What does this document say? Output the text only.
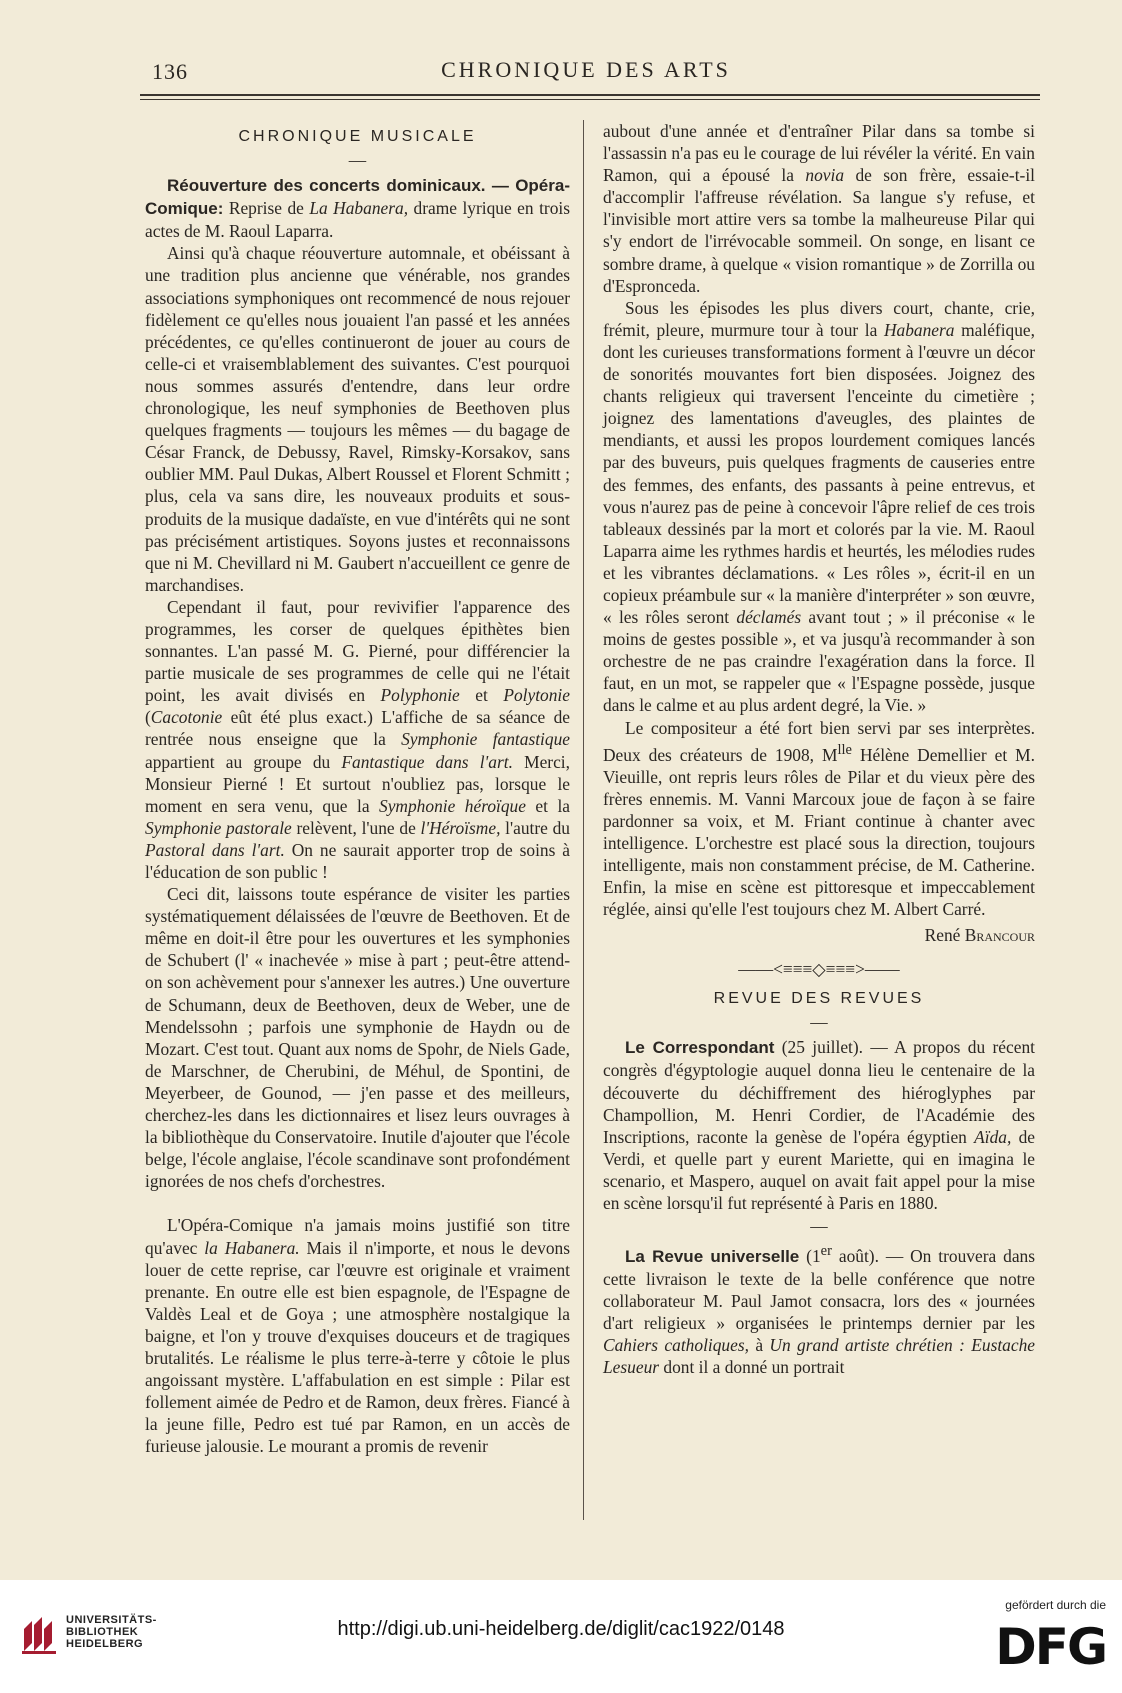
136	CHRONIQUE DES ARTS
CHRONIQUE MUSICALE
—

Réouverture des concerts dominicaux. — Opéra-Comique: Reprise de La Habanera, drame lyrique en trois actes de M. Raoul Laparra.

Ainsi qu'à chaque réouverture automnale, et obéissant à une tradition plus ancienne que vénérable, nos grandes associations symphoniques ont recommencé de nous rejouer fidèlement ce qu'elles nous jouaient l'an passé et les années précédentes, ce qu'elles continueront de jouer au cours de celle-ci et vraisemblablement des suivantes. C'est pourquoi nous sommes assurés d'entendre, dans leur ordre chronologique, les neuf symphonies de Beethoven plus quelques fragments — toujours les mêmes — du bagage de César Franck, de Debussy, Ravel, Rimsky-Korsakov, sans oublier MM. Paul Dukas, Albert Roussel et Florent Schmitt ; plus, cela va sans dire, les nouveaux produits et sous-produits de la musique dadaïste, en vue d'intérêts qui ne sont pas précisément artistiques. Soyons justes et reconnaissons que ni M. Chevillard ni M. Gaubert n'accueillent ce genre de marchandises.

Cependant il faut, pour revivifier l'apparence des programmes, les corser de quelques épithètes bien sonnantes. L'an passé M. G. Pierné, pour différencier la partie musicale de ses programmes de celle qui ne l'était point, les avait divisés en Polyphonie et Polytonie (Cacotonie eût été plus exact.) L'affiche de sa séance de rentrée nous enseigne que la Symphonie fantastique appartient au groupe du Fantastique dans l'art. Merci, Monsieur Pierné ! Et surtout n'oubliez pas, lorsque le moment en sera venu, que la Symphonie héroïque et la Symphonie pastorale relèvent, l'une de l'Héroïsme, l'autre du Pastoral dans l'art. On ne saurait apporter trop de soins à l'éducation de son public !

Ceci dit, laissons toute espérance de visiter les parties systématiquement délaissées de l'œuvre de Beethoven. Et de même en doit-il être pour les ouvertures et les symphonies de Schubert (l' « inachevée » mise à part ; peut-être attend-on son achèvement pour s'annexer les autres.) Une ouverture de Schumann, deux de Beethoven, deux de Weber, une de Mendelssohn ; parfois une symphonie de Haydn ou de Mozart. C'est tout. Quant aux noms de Spohr, de Niels Gade, de Marschner, de Cherubini, de Méhul, de Spontini, de Meyerbeer, de Gounod, — j'en passe et des meilleurs, cherchez-les dans les dictionnaires et lisez leurs ouvrages à la bibliothèque du Conservatoire. Inutile d'ajouter que l'école belge, l'école anglaise, l'école scandinave sont profondément ignorées de nos chefs d'orchestres.

L'Opéra-Comique n'a jamais moins justifié son titre qu'avec la Habanera. Mais il n'importe, et nous le devons louer de cette reprise, car l'œuvre est originale et vraiment prenante. En outre elle est bien espagnole, de l'Espagne de Valdès Leal et de Goya ; une atmosphère nostalgique la baigne, et l'on y trouve d'exquises douceurs et de tragiques brutalités. Le réalisme le plus terre-à-terre y côtoie le plus angoissant mystère. L'affabulation en est simple : Pilar est follement aimée de Pedro et de Ramon, deux frères. Fiancé à la jeune fille, Pedro est tué par Ramon, en un accès de furieuse jalousie. Le mourant a promis de revenir

aubout d'une année et d'entraîner Pilar dans sa tombe si l'assassin n'a pas eu le courage de lui révéler la vérité. En vain Ramon, qui a épousé la novia de son frère, essaie-t-il d'accomplir l'affreuse révélation. Sa langue s'y refuse, et l'invisible mort attire vers sa tombe la malheureuse Pilar qui s'y endort de l'irrévocable sommeil. On songe, en lisant ce sombre drame, à quelque « vision romantique » de Zorrilla ou d'Espronceda.

Sous les épisodes les plus divers court, chante, crie, frémit, pleure, murmure tour à tour la Habanera maléfique, dont les curieuses transformations forment à l'œuvre un décor de sonorités mouvantes fort bien disposées. Joignez des chants religieux qui traversent l'enceinte du cimetière ; joignez des lamentations d'aveugles, des plaintes de mendiants, et aussi les propos lourdement comiques lancés par des buveurs, puis quelques fragments de causeries entre des femmes, des enfants, des passants à peine entrevus, et vous n'aurez pas de peine à concevoir l'âpre relief de ces trois tableaux dessinés par la mort et colorés par la vie. M. Raoul Laparra aime les rythmes hardis et heurtés, les mélodies rudes et les vibrantes déclamations. « Les rôles », écrit-il en un copieux préambule sur « la manière d'interpréter » son œuvre, « les rôles seront déclamés avant tout ; » il préconise « le moins de gestes possible », et va jusqu'à recommander à son orchestre de ne pas craindre l'exagération dans la force. Il faut, en un mot, se rappeler que « l'Espagne possède, jusque dans le calme et au plus ardent degré, la Vie. »

Le compositeur a été fort bien servi par ses interprètes. Deux des créateurs de 1908, $M^{lle}$ Hélène Demellier et M. Vieuille, ont repris leurs rôles de Pilar et du vieux père des frères ennemis. M. Vanni Marcoux joue de façon à se faire pardonner sa voix, et M. Friant continue à chanter avec intelligence. L'orchestre est placé sous la direction, toujours intelligente, mais non constamment précise, de M. Catherine. Enfin, la mise en scène est pittoresque et impeccablement réglée, ainsi qu'elle l'est toujours chez M. Albert Carré.

René Brancour
——<≡≡≡◇≡≡≡>——
REVUE DES REVUES
—

Le Correspondant (25 juillet). — A propos du récent congrès d'égyptologie auquel donna lieu le centenaire de la découverte du déchiffrement des hiéroglyphes par Champollion, M. Henri Cordier, de l'Académie des Inscriptions, raconte la genèse de l'opéra égyptien Aïda, de Verdi, et quelle part y eurent Mariette, qui en imagina le scenario, et Maspero, auquel on avait fait appel pour la mise en scène lorsqu'il fut représenté à Paris en 1880.

—

La Revue universelle (1er août). — On trouvera dans cette livraison le texte de la belle conférence que notre collaborateur M. Paul Jamot consacra, lors des « journées d'art religieux » organisées le printemps dernier par les Cahiers catholiques, à Un grand artiste chrétien : Eustache Lesueur dont il a donné un portrait

UNIVERSITÄTS-
BIBLIOTHEK
HEIDELBERG
http://digi.ub.uni-heidelberg.de/diglit/cac1922/0148
gefördert durch die
DFG
